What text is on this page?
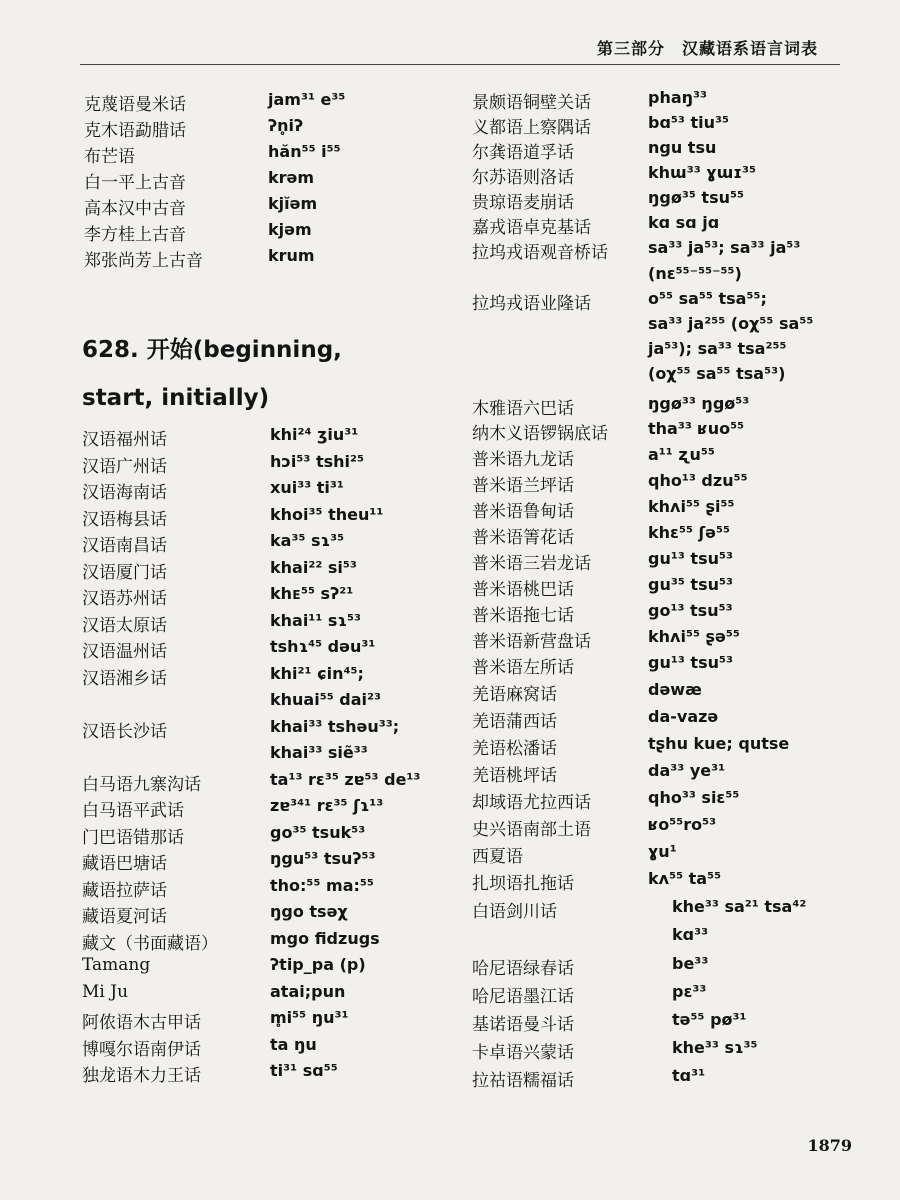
第三部分　汉藏语系语言词表
克蔑语曼米话	jam³¹ e³⁵
克木语勐腊话	ʔn̥iʔ
布芒语	hăn⁵⁵ i⁵⁵
白一平上古音	krəm
高本汉中古音	kjĭəm
李方桂上古音	kjəm
郑张尚芳上古音	krum
628. 开始(beginning, start, initially)
汉语福州话	khi²⁴ ʒiu³¹
汉语广州话	hɔi⁵³ tshi²⁵
汉语海南话	xui³³ ti³¹
汉语梅县话	khoi³⁵ theu¹¹
汉语南昌话	ka³⁵ sɿ³⁵
汉语厦门话	khai²² si⁵³
汉语苏州话	khᴇ⁵⁵ sʔ²¹
汉语太原话	khai¹¹ sɿ⁵³
汉语温州话	tshɿ⁴⁵ dəu³¹
汉语湘乡话	khi²¹ ɕin⁴⁵;
khuai⁵⁵ dai²³
汉语长沙话	khai³³ tshəu³³;
khai³³ siẽ³³
白马语九寨沟话	ta¹³ rɛ³⁵ zɐ⁵³ de¹³
白马语平武话	zɐ³⁴¹ rɛ³⁵ ʃɿ¹³
门巴语错那话	go³⁵ tsuk⁵³
藏语巴塘话	ŋgu⁵³ tsuʔ⁵³
藏语拉萨话	tho:⁵⁵ ma:⁵⁵
藏语夏河话	ŋgo tsəχ
藏文（书面藏语）	mgo fidzugs
Tamang	ʔtip_pa (p)
Mi Ju	atai;pun
阿侬语木古甲话	m̥i⁵⁵ ŋu³¹
博嘎尔语南伊话	ta ŋu
独龙语木力王话	ti³¹ sɑ⁵⁵
景颇语铜壁关话	phaŋ³³
义都语上察隅话	bɑ⁵³ tiu³⁵
尔龚语道孚话	ngu tsu
尔苏语则洛话	khɯ³³ ɣɯɪ³⁵
贵琼语麦崩话	ŋgø³⁵ tsu⁵⁵
嘉戎语卓克基话	kɑ sɑ jɑ
拉坞戎语观音桥话	sa³³ ja⁵³; sa³³ ja⁵³
(nɛ⁵⁵⁻⁵⁵⁻⁵⁵)
拉坞戎语业隆话	o⁵⁵ sa⁵⁵ tsa⁵⁵;
sa³³ ja²⁵⁵ (oχ⁵⁵ sa⁵⁵
ja⁵³); sa³³ tsa²⁵⁵
(oχ⁵⁵ sa⁵⁵ tsa⁵³)
木雅语六巴话	ŋgø³³ ŋgø⁵³
纳木义语锣锅底话	tha³³ ʁuo⁵⁵
普米语九龙话	a¹¹ ʐu⁵⁵
普米语兰坪话	qho¹³ dzu⁵⁵
普米语鲁甸话	khʌi⁵⁵ ʂi⁵⁵
普米语箐花话	khɛ⁵⁵ ʃə⁵⁵
普米语三岩龙话	gu¹³ tsu⁵³
普米语桃巴话	gu³⁵ tsu⁵³
普米语拖七话	go¹³ tsu⁵³
普米语新营盘话	khʌi⁵⁵ ʂə⁵⁵
普米语左所话	gu¹³ tsu⁵³
羌语麻窝话	dəwæ
羌语蒲西话	da-vazə
羌语松潘话	tʂhu kue; qutse
羌语桃坪话	da³³ ye³¹
却域语尤拉西话	qho³³ siɛ⁵⁵
史兴语南部土语	ʁo⁵⁵ro⁵³
西夏语	ɣu¹
扎坝语扎拖话	kʌ⁵⁵ ta⁵⁵
白语剑川话	khe³³ sa²¹ tsa⁴²
kɑ³³
哈尼语绿春话	be³³
哈尼语墨江话	pɛ³³
基诺语曼斗话	tə⁵⁵ pø³¹
卡卓语兴蒙话	khe³³ sɿ³⁵
拉祜语糯福话	tɑ³¹
1879
